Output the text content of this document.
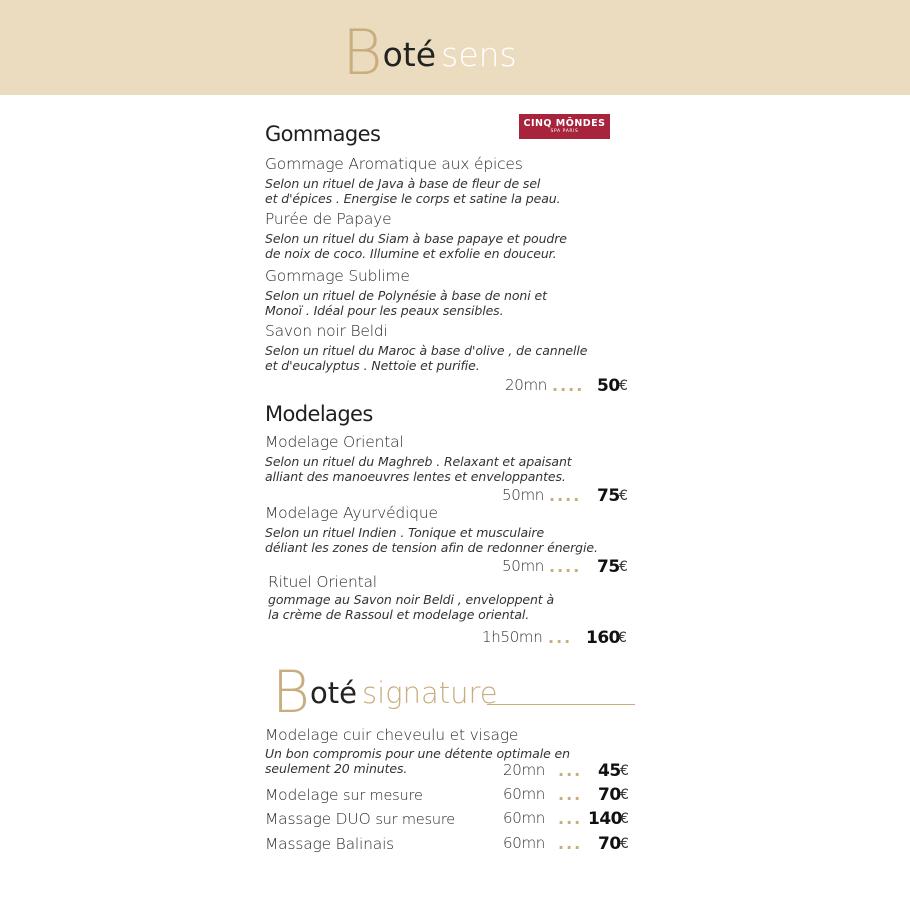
Boté sens
CINQ MŌNDES
SPA PARIS
Gommages
Gommage Aromatique aux épices
Selon un rituel de Java à base de fleur de sel
et d'épices . Energise le corps et satine la peau.
Purée de Papaye
Selon un rituel du Siam à base papaye et poudre
de noix de coco. Illumine et exfolie en douceur.
Gommage Sublime
Selon un rituel de Polynésie à base de noni et
Monoï . Idéal pour les peaux sensibles.
Savon noir Beldi
Selon un rituel du Maroc à base d'olive , de cannelle
et d'eucalyptus . Nettoie et purifie.
20mn .... 50 €
Modelages
Modelage Oriental
Selon un rituel du Maghreb . Relaxant et apaisant
alliant des manoeuvres lentes et enveloppantes.
50mn .... 75 €
Modelage Ayurvédique
Selon un rituel Indien . Tonique et musculaire
déliant les zones de tension afin de redonner énergie.
50mn .... 75 €
Rituel Oriental
gommage au Savon noir Beldi , enveloppent à
la crème de Rassoul et modelage oriental.
1h50mn ... 160
€
Boté signature
Modelage cuir cheveulu et visage
Un bon compromis pour une détente optimale en
seulement 20 minutes.	20mn ... 45 €
Modelage sur mesure	60mn ... 70 €
Massage DUO sur mesure	60mn ... 140
€
Massage Balinais	60mn ... 70 €
